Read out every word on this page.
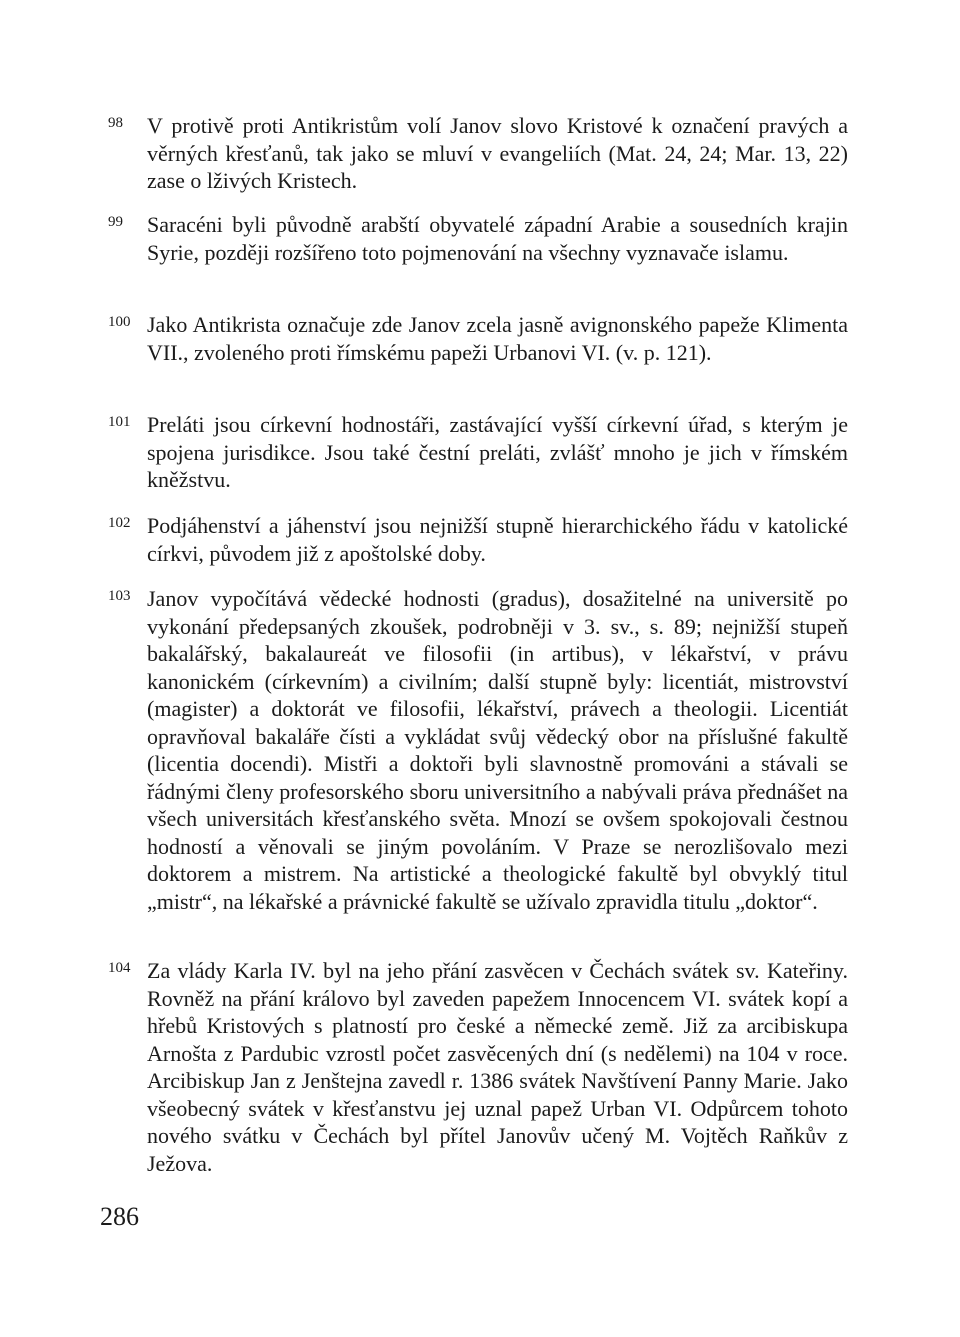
98 V protivě proti Antikristům volí Janov slovo Kristové k označení pravých a věrných křesťanů, tak jako se mluví v evangeliích (Mat. 24, 24; Mar. 13, 22) zase o lživých Kristech.
99 Saracéni byli původně arabští obyvatelé západní Arabie a sousedních krajin Syrie, později rozšířeno toto pojmenování na všechny vyznavače islamu.
100 Jako Antikrista označuje zde Janov zcela jasně avignonského papeže Klimenta VII., zvoleného proti římskému papeži Urbanovi VI. (v. p. 121).
101 Preláti jsou církevní hodnostáři, zastávající vyšší církevní úřad, s kterým je spojena jurisdikce. Jsou také čestní preláti, zvlášť mnoho je jich v římském kněžstvu.
102 Podjáhenství a jáhenství jsou nejnižší stupně hierarchického řádu v katolické církvi, původem již z apoštolské doby.
103 Janov vypočítává vědecké hodnosti (gradus), dosažitelné na universitě po vykonání předepsaných zkoušek, podrobněji v 3. sv., s. 89; nejnižší stupeň bakalářský, bakalaureát ve filosofii (in artibus), v lékařství, v právu kanonickém (církevním) a civilním; další stupně byly: licentiát, mistrovství (magister) a doktorát ve filosofii, lékařství, právech a theologii. Licentiát opravňoval bakaláře čísti a vykládat svůj vědecký obor na příslušné fakultě (licentia docendi). Mistři a doktoři byli slavnostně promováni a stávali se řádnými členy profesorského sboru universitního a nabývali práva přednášet na všech universitách křesťanského světa. Mnozí se ovšem spokojovali čestnou hodností a věnovali se jiným povoláním. V Praze se nerozlišovalo mezi doktorem a mistrem. Na artistické a theologické fakultě byl obvyklý titul „mistr“, na lékařské a právnické fakultě se užívalo zpravidla titulu „doktor“.
104 Za vlády Karla IV. byl na jeho přání zasvěcen v Čechách svátek sv. Kateřiny. Rovněž na přání královo byl zaveden papežem Innocencem VI. svátek kopí a hřebů Kristových s platností pro české a německé země. Již za arcibiskupa Arnošta z Pardubic vzrostl počet zasvěcených dní (s nedělemi) na 104 v roce. Arcibiskup Jan z Jenštejna zavedl r. 1386 svátek Navštívení Panny Marie. Jako všeobecný svátek v křesťanstvu jej uznal papež Urban VI. Odpůrcem tohoto nového svátku v Čechách byl přítel Janovův učený M. Vojtěch Raňkův z Ježova.
286
